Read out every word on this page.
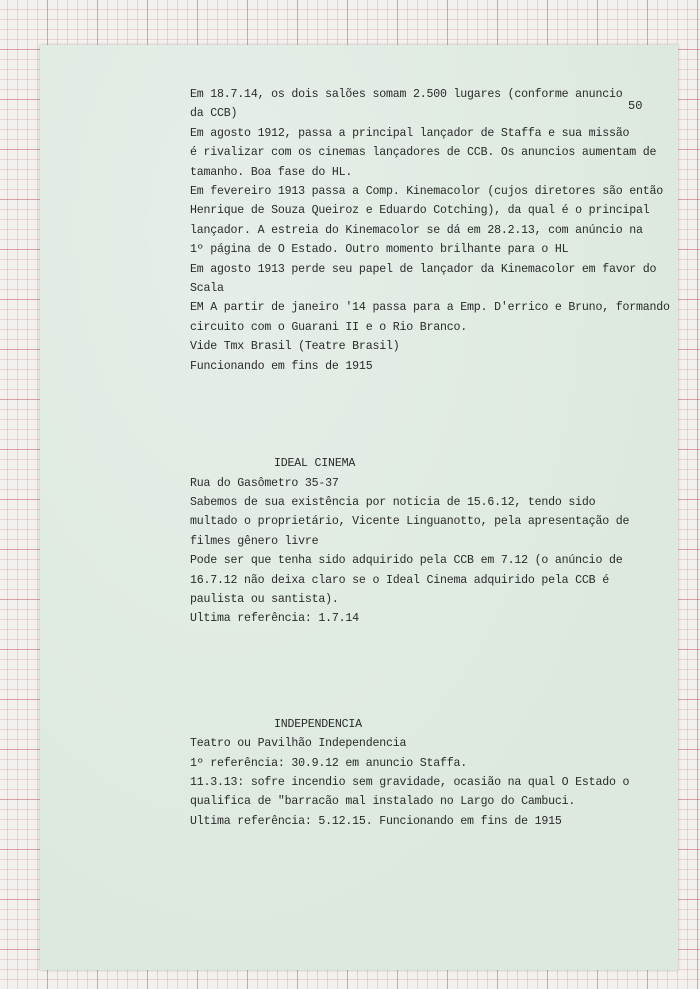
50

Em 18.7.14, os dois salões somam 2.500 lugares (conforme anuncio

da CCB)

Em agosto 1912, passa a principal lançador de Staffa e sua missão

é rivalizar com os cinemas lançadores de CCB. Os anuncios aumentam de

tamanho. Boa fase do HL.

Em fevereiro 1913 passa a Comp. Kinemacolor (cujos diretores são então

Henrique de Souza Queiroz e Eduardo Cotching), da qual é o principal

lançador. A estreia do Kinemacolor se dá em 28.2.13, com anúncio na

1º página de O Estado. Outro momento brilhante para o HL

Em agosto 1913 perde seu papel de lançador da Kinemacolor em favor do

Scala

EM A partir de janeiro '14 passa para a Emp. D'errico e Bruno, formando

circuito com o Guarani II e o Rio Branco.

Vide Tmx Brasil (Teatre Brasil)

Funcionando em fins de 1915

IDEAL CINEMA

Rua do Gasômetro 35-37

Sabemos de sua existência por noticia de 15.6.12, tendo sido

multado o proprietário, Vicente Linguanotto, pela apresentação de

filmes gênero livre

Pode ser que tenha sido adquirido pela CCB em 7.12 (o anúncio de

16.7.12 não deixa claro se o Ideal Cinema adquirido pela CCB é

paulista ou santista).

Ultima referência: 1.7.14

INDEPENDENCIA

Teatro ou Pavilhão Independencia

1º referência: 30.9.12 em anuncio Staffa.

11.3.13: sofre incendio sem gravidade, ocasião na qual O Estado o

qualifica de "barracão mal instalado no Largo do Cambuci.

Ultima referência: 5.12.15. Funcionando em fins de 1915
